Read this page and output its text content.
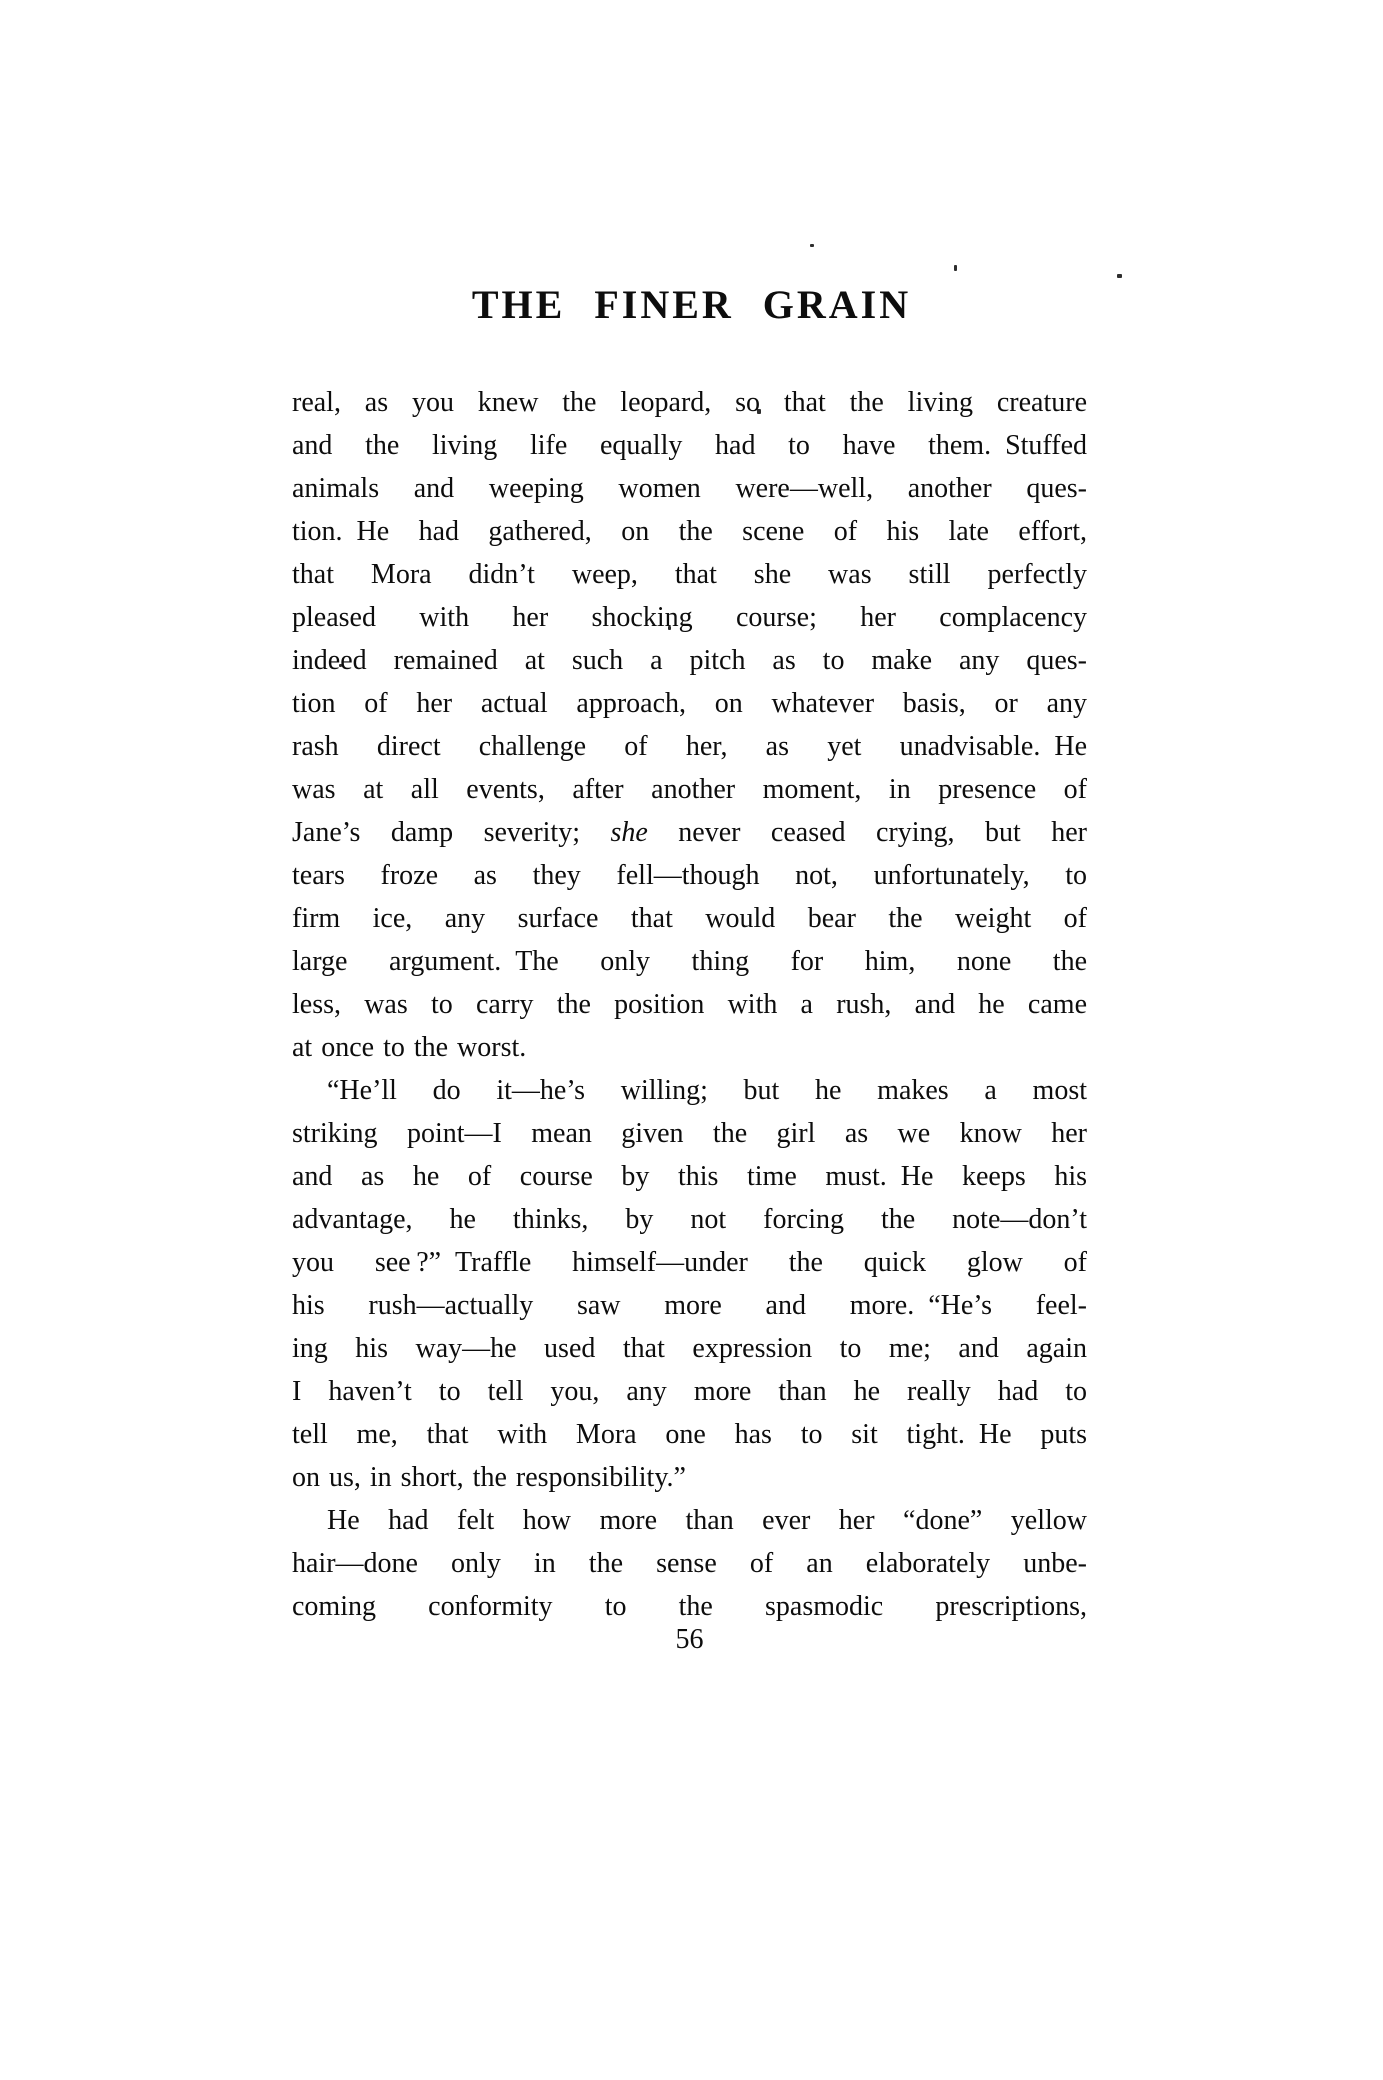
THE FINER GRAIN
real, as you knew the leopard, so that the living creature
and the living life equally had to have them. Stuffed
animals and weeping women were—well, another ques-
tion. He had gathered, on the scene of his late effort,
that Mora didn’t weep, that she was still perfectly
pleased with her shocking course; her complacency
indeed remained at such a pitch as to make any ques-
tion of her actual approach, on whatever basis, or any
rash direct challenge of her, as yet unadvisable. He
was at all events, after another moment, in presence of
Jane’s damp severity; she never ceased crying, but her
tears froze as they fell—though not, unfortunately, to
firm ice, any surface that would bear the weight of
large argument. The only thing for him, none the
less, was to carry the position with a rush, and he came
at once to the worst.
“He’ll do it—he’s willing; but he makes a most
striking point—I mean given the girl as we know her
and as he of course by this time must. He keeps his
advantage, he thinks, by not forcing the note—don’t
you see ?” Traffle himself—under the quick glow of
his rush—actually saw more and more. “He’s feel-
ing his way—he used that expression to me; and again
I haven’t to tell you, any more than he really had to
tell me, that with Mora one has to sit tight. He puts
on us, in short, the responsibility.”
He had felt how more than ever her “done” yellow
hair—done only in the sense of an elaborately unbe-
coming conformity to the spasmodic prescriptions,
56
